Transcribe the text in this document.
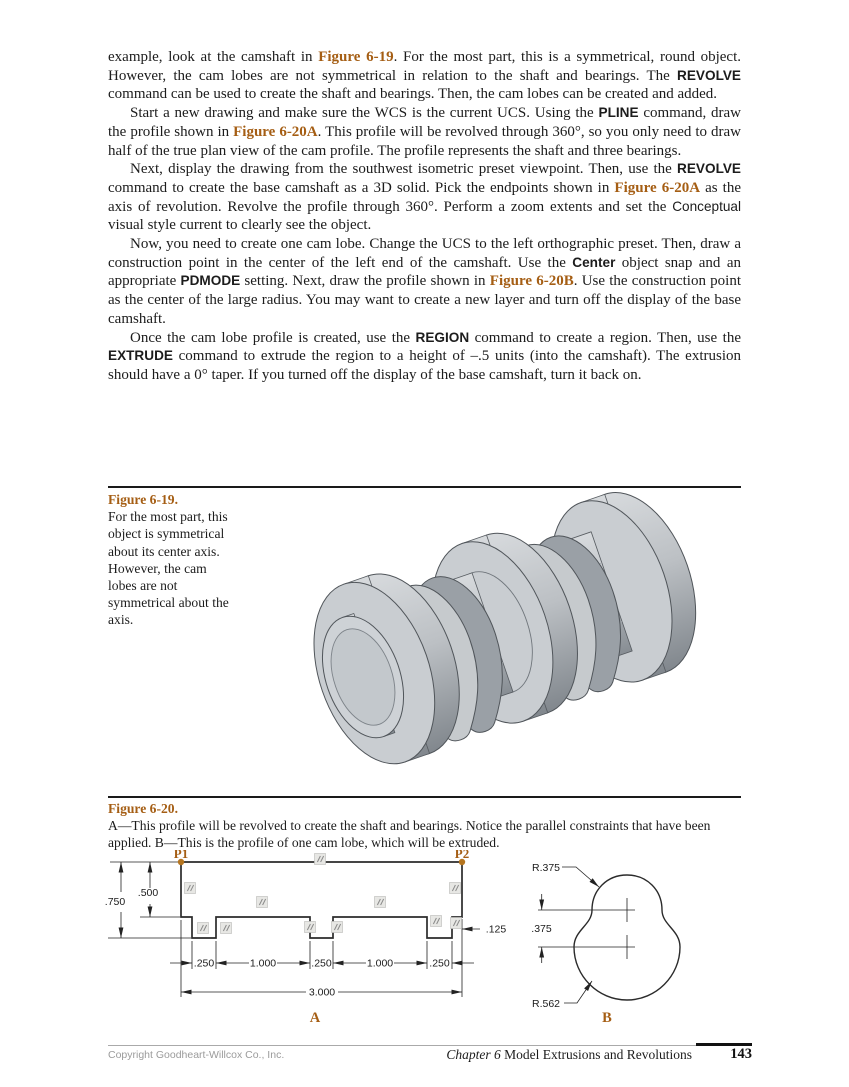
example, look at the camshaft in Figure 6-19. For the most part, this is a symmetrical, round object. However, the cam lobes are not symmetrical in relation to the shaft and bearings. The REVOLVE command can be used to create the shaft and bearings. Then, the cam lobes can be created and added.

Start a new drawing and make sure the WCS is the current UCS. Using the PLINE command, draw the profile shown in Figure 6-20A. This profile will be revolved through 360°, so you only need to draw half of the true plan view of the cam profile. The profile represents the shaft and three bearings.

Next, display the drawing from the southwest isometric preset viewpoint. Then, use the REVOLVE command to create the base camshaft as a 3D solid. Pick the endpoints shown in Figure 6-20A as the axis of revolution. Revolve the profile through 360°. Perform a zoom extents and set the Conceptual visual style current to clearly see the object.

Now, you need to create one cam lobe. Change the UCS to the left orthographic preset. Then, draw a construction point in the center of the left end of the camshaft. Use the Center object snap and an appropriate PDMODE setting. Next, draw the profile shown in Figure 6-20B. Use the construction point as the center of the large radius. You may want to create a new layer and turn off the display of the base camshaft.

Once the cam lobe profile is created, use the REGION command to create a region. Then, use the EXTRUDE command to extrude the region to a height of –.5 units (into the camshaft). The extrusion should have a 0° taper. If you turned off the display of the base camshaft, turn it back on.

Figure 6-19.
For the most part, this object is symmetrical about its center axis. However, the cam lobes are not symmetrical about the axis.
Figure 6-20.
A—This profile will be revolved to create the shaft and bearings. Notice the parallel constraints that have been applied. B—This is the profile of one cam lobe, which will be extruded.
.750
.500
.125
.250	1.000	.250	1.000	.250
3.000
P1	P2
A
.375
R.375
R.562
B
Copyright Goodheart-Willcox Co., Inc.	Chapter 6 Model Extrusions and Revolutions	143
